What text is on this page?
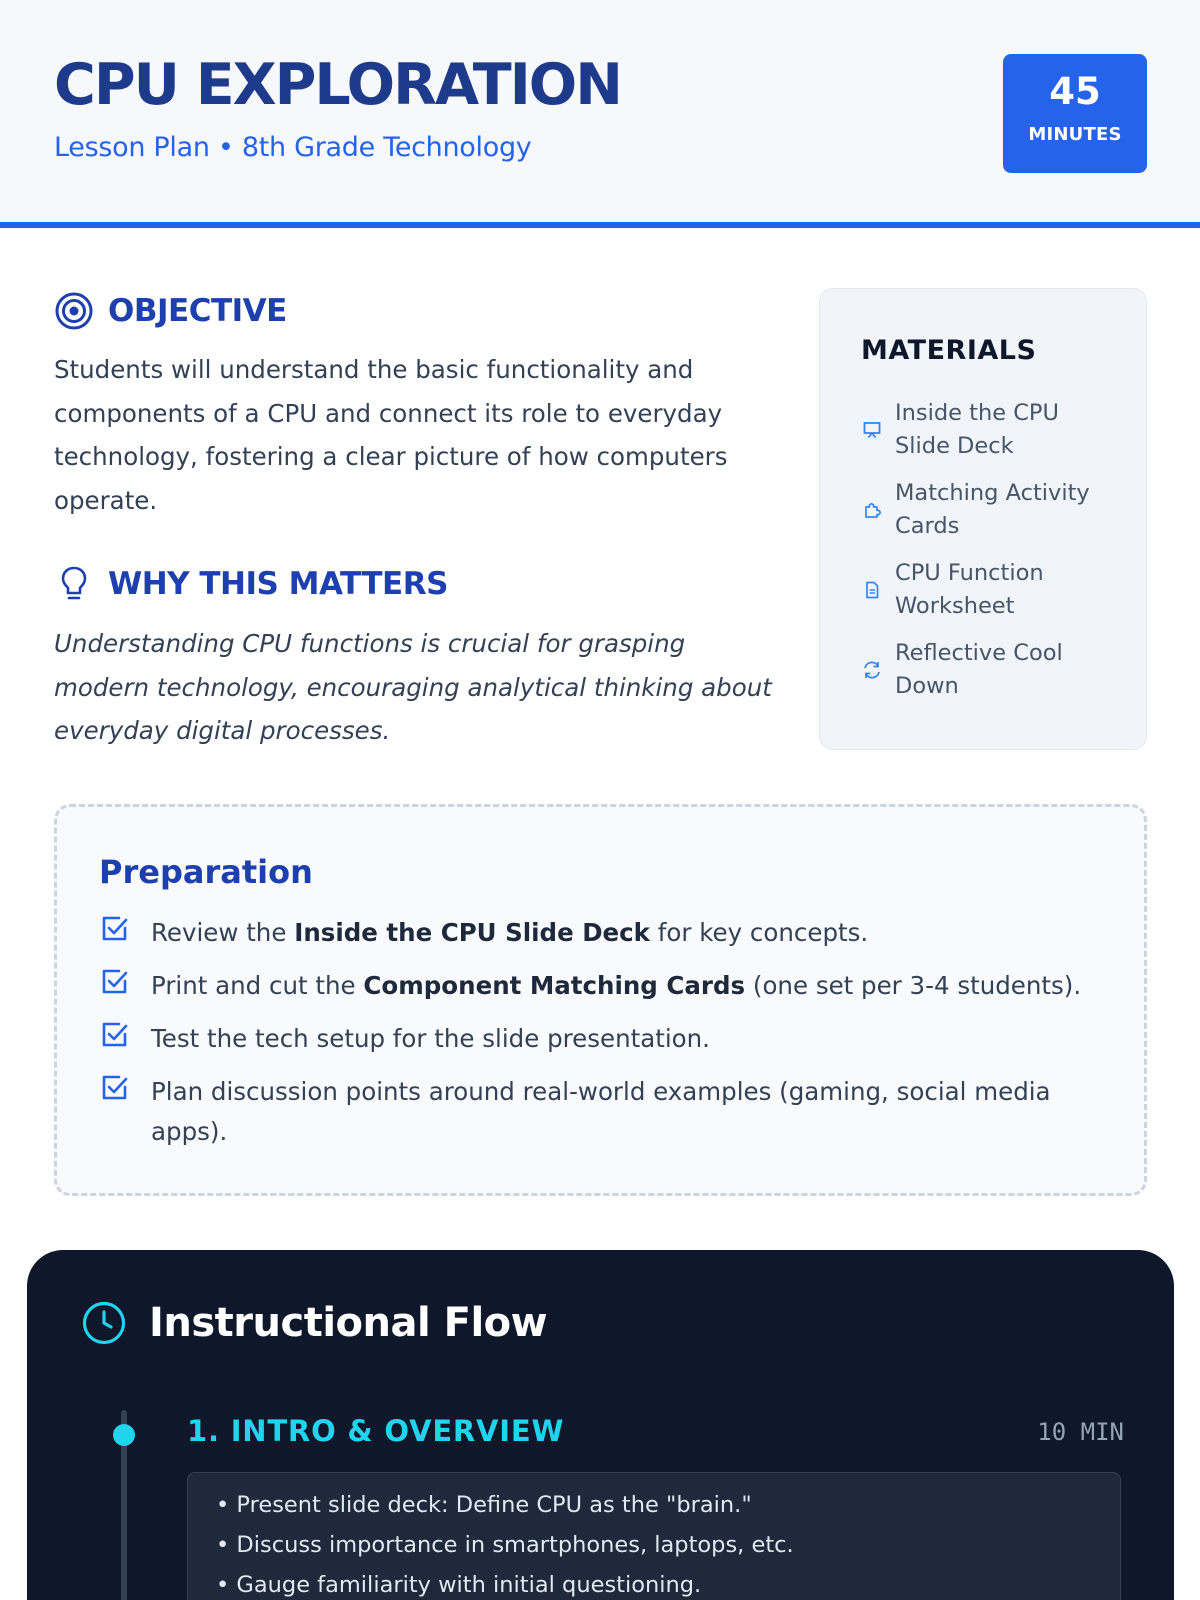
CPU EXPLORATION
Lesson Plan • 8th Grade Technology
45
MINUTES
OBJECTIVE
Students will understand the basic functionality and components of a CPU and connect its role to everyday technology, fostering a clear picture of how computers operate.
WHY THIS MATTERS
Understanding CPU functions is crucial for grasping modern technology, encouraging analytical thinking about everyday digital processes.
MATERIALS
Inside the CPU Slide Deck
Matching Activity Cards
CPU Function Worksheet
Reflective Cool Down
Preparation
Review the Inside the CPU Slide Deck for key concepts.
Print and cut the Component Matching Cards (one set per 3-4 students).
Test the tech setup for the slide presentation.
Plan discussion points around real-world examples (gaming, social media apps).
Instructional Flow
1. INTRO & OVERVIEW	10 MIN
• Present slide deck: Define CPU as the "brain."
• Discuss importance in smartphones, laptops, etc.
• Gauge familiarity with initial questioning.
